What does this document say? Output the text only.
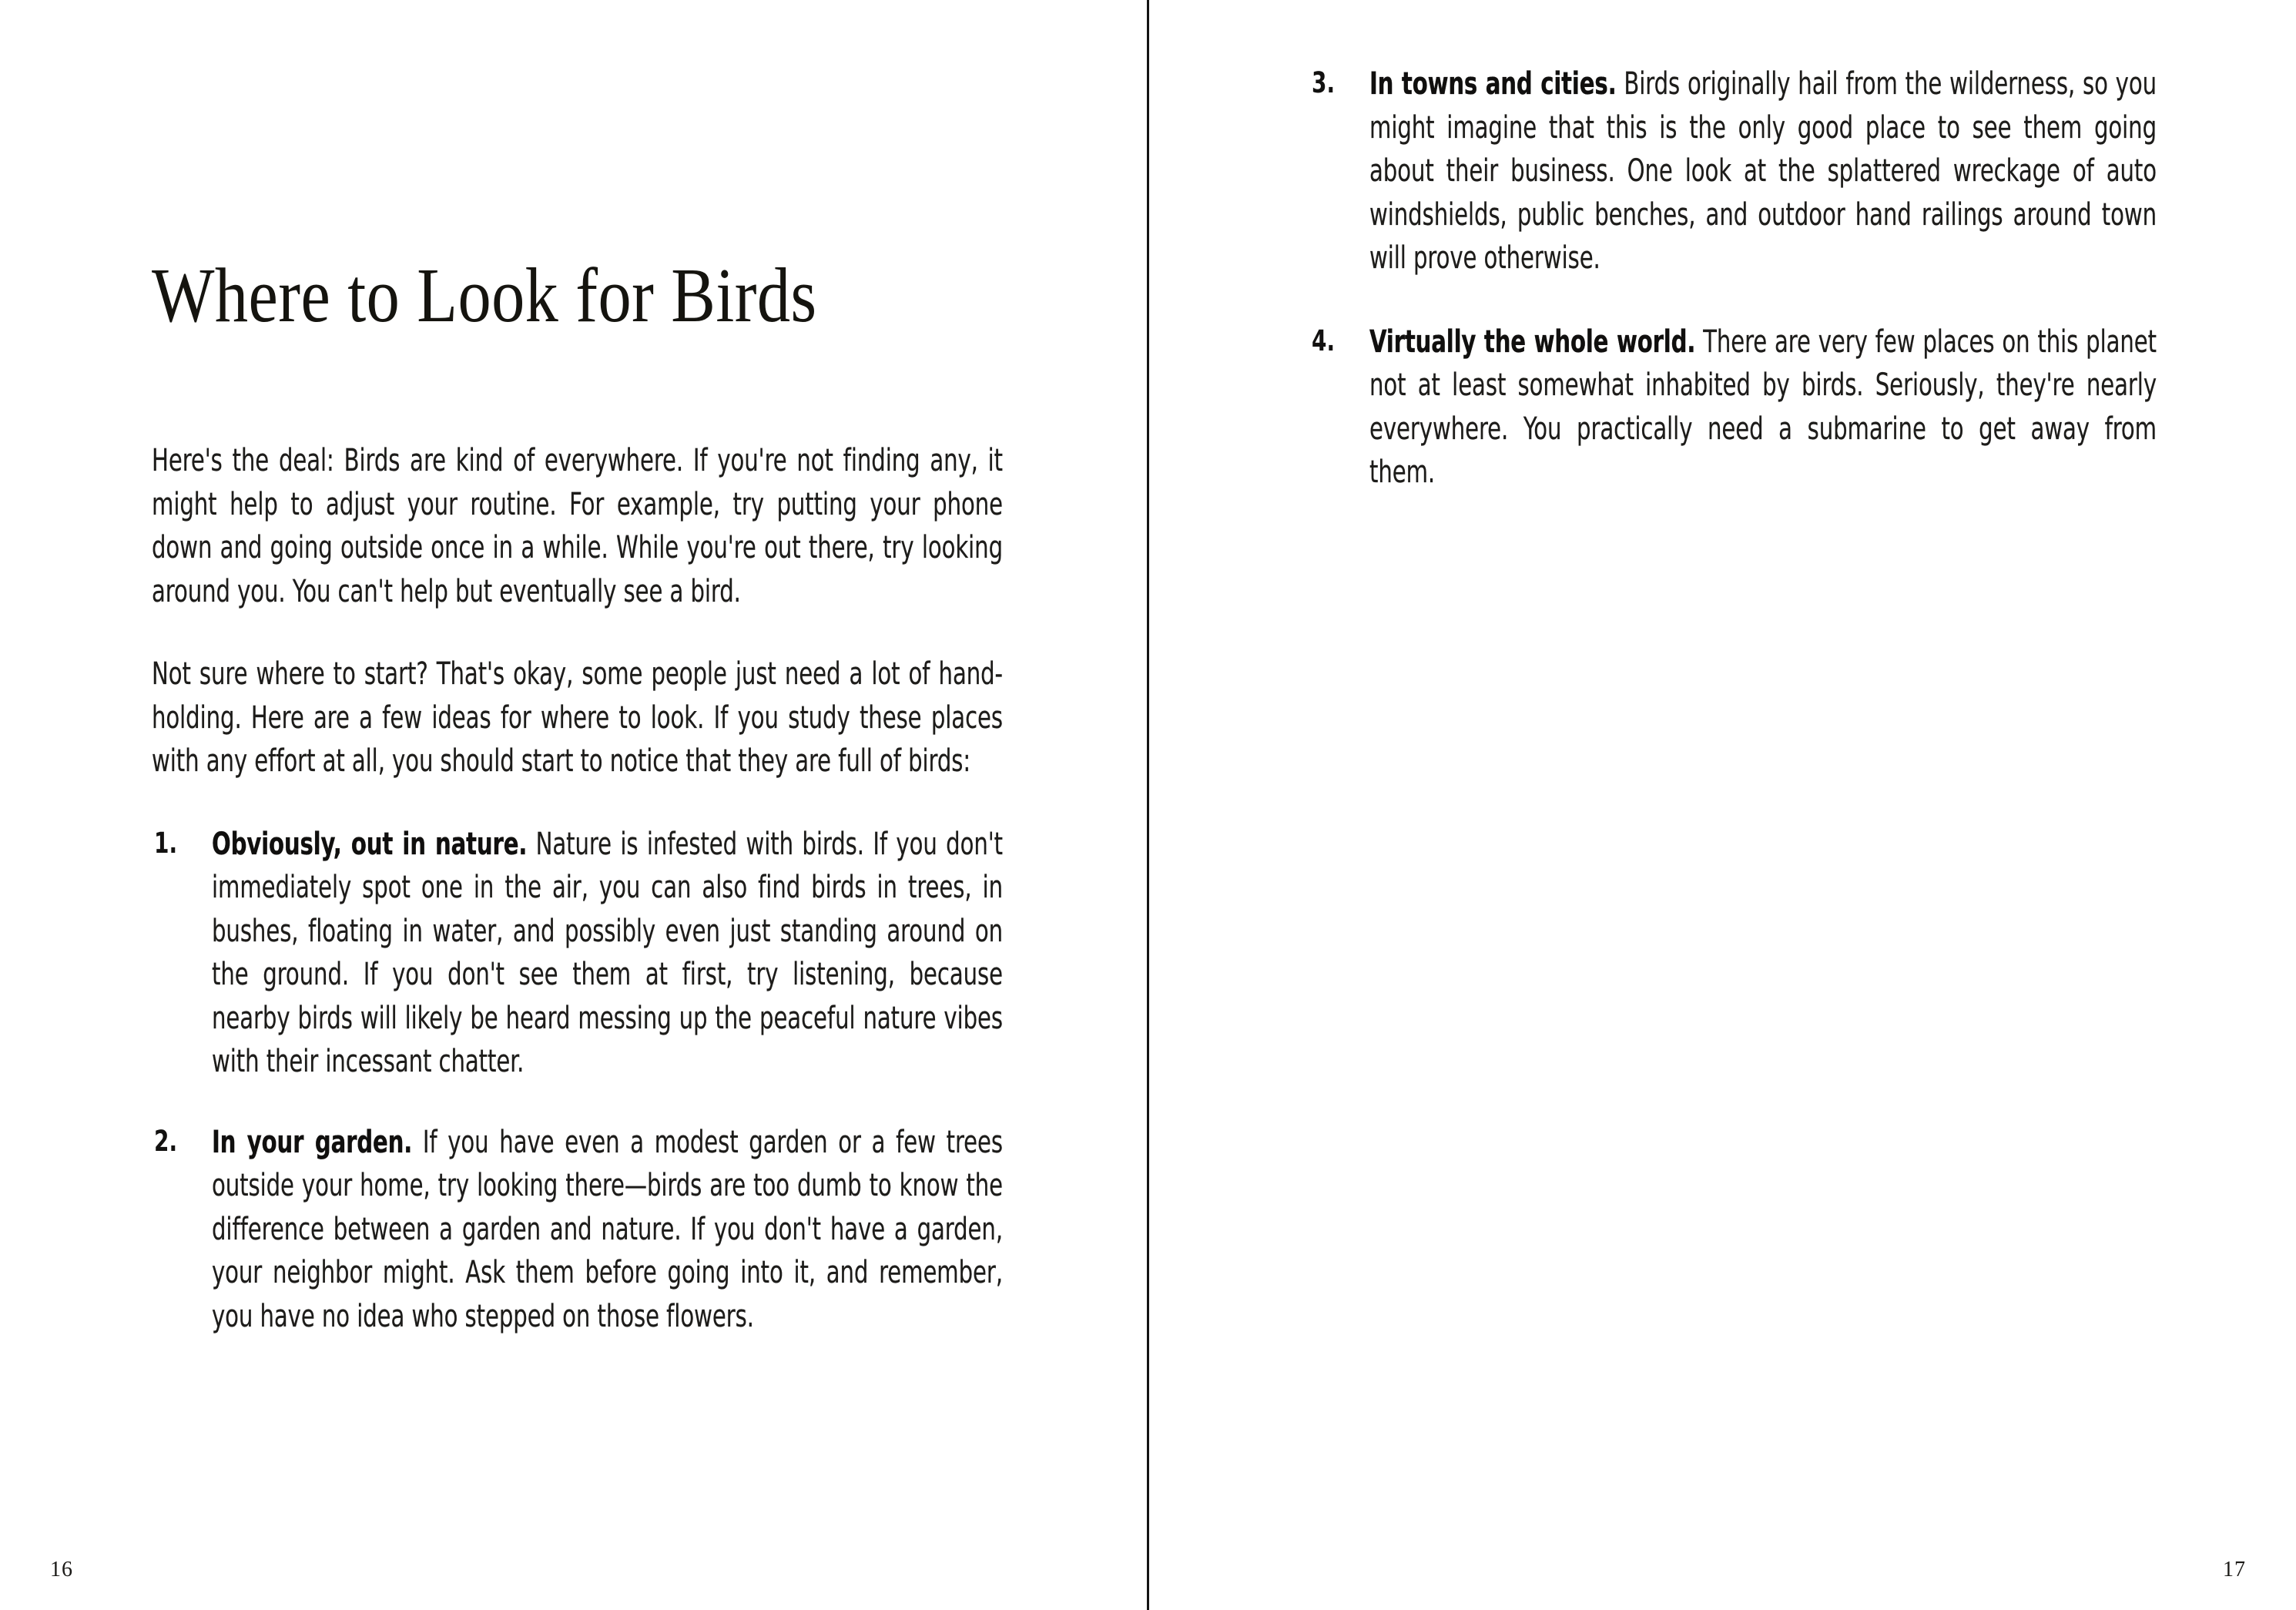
Where to Look for Birds

Here's the deal: Birds are kind of everywhere. If you're not finding any, it might help to adjust your routine. For example, try putting your phone down and going outside once in a while. While you're out there, try looking around you. You can't help but eventually see a bird.

Not sure where to start? That's okay, some people just need a lot of hand-holding. Here are a few ideas for where to look. If you study these places with any effort at all, you should start to notice that they are full of birds:

1. Obviously, out in nature. Nature is infested with birds. If you don't immediately spot one in the air, you can also find birds in trees, in bushes, floating in water, and possibly even just standing around on the ground. If you don't see them at first, try listening, because nearby birds will likely be heard messing up the peaceful nature vibes with their incessant chatter.
2. In your garden. If you have even a modest garden or a few trees outside your home, try looking there—birds are too dumb to know the difference between a garden and nature. If you don't have a garden, your neighbor might. Ask them before going into it, and remember, you have no idea who stepped on those flowers.
16
3. In towns and cities. Birds originally hail from the wilderness, so you might imagine that this is the only good place to see them going about their business. One look at the splattered wreckage of auto windshields, public benches, and outdoor hand railings around town will prove otherwise.
4. Virtually the whole world. There are very few places on this planet not at least somewhat inhabited by birds. Seriously, they're nearly everywhere. You practically need a submarine to get away from them.
17
